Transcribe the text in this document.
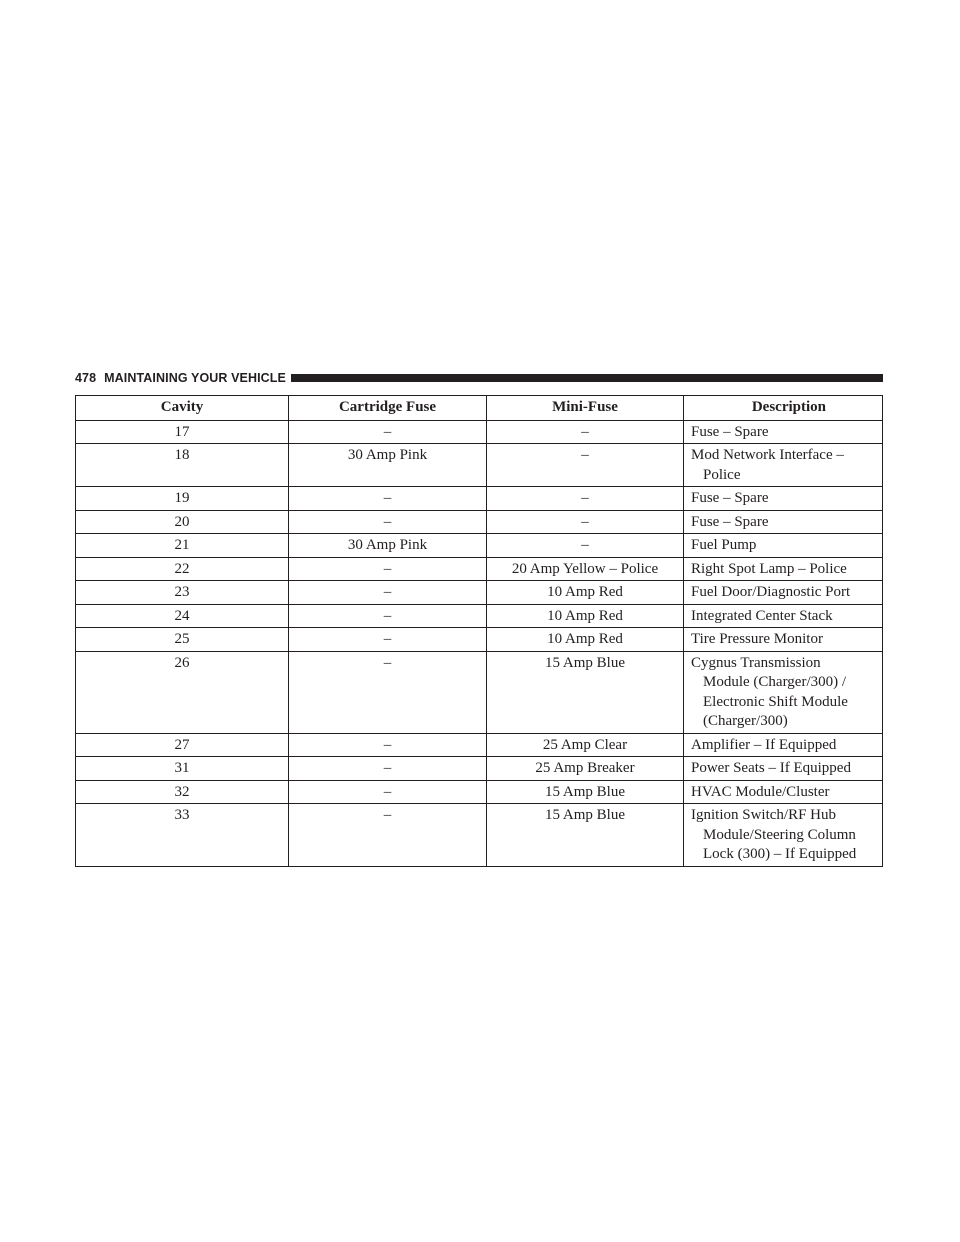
478 MAINTAINING YOUR VEHICLE
Cavity	Cartridge Fuse	Mini-Fuse	Description
17	–	–	Fuse – Spare

18	30 Amp Pink	–	Mod Network Interface –
Police

19	–	–	Fuse – Spare

20	–	–	Fuse – Spare

21	30 Amp Pink	–	Fuel Pump

22	–	20 Amp Yellow – Police	Right Spot Lamp – Police

23	–	10 Amp Red	Fuel Door/Diagnostic Port

24	–	10 Amp Red	Integrated Center Stack

25	–	10 Amp Red	Tire Pressure Monitor

26	–	15 Amp Blue	Cygnus Transmission
Module (Charger/300) /
Electronic Shift Module
(Charger/300)

27	–	25 Amp Clear	Amplifier – If Equipped

31	–	25 Amp Breaker	Power Seats – If Equipped

32	–	15 Amp Blue	HVAC Module/Cluster

33	–	15 Amp Blue	Ignition Switch/RF Hub
Module/Steering Column
Lock (300) – If Equipped
